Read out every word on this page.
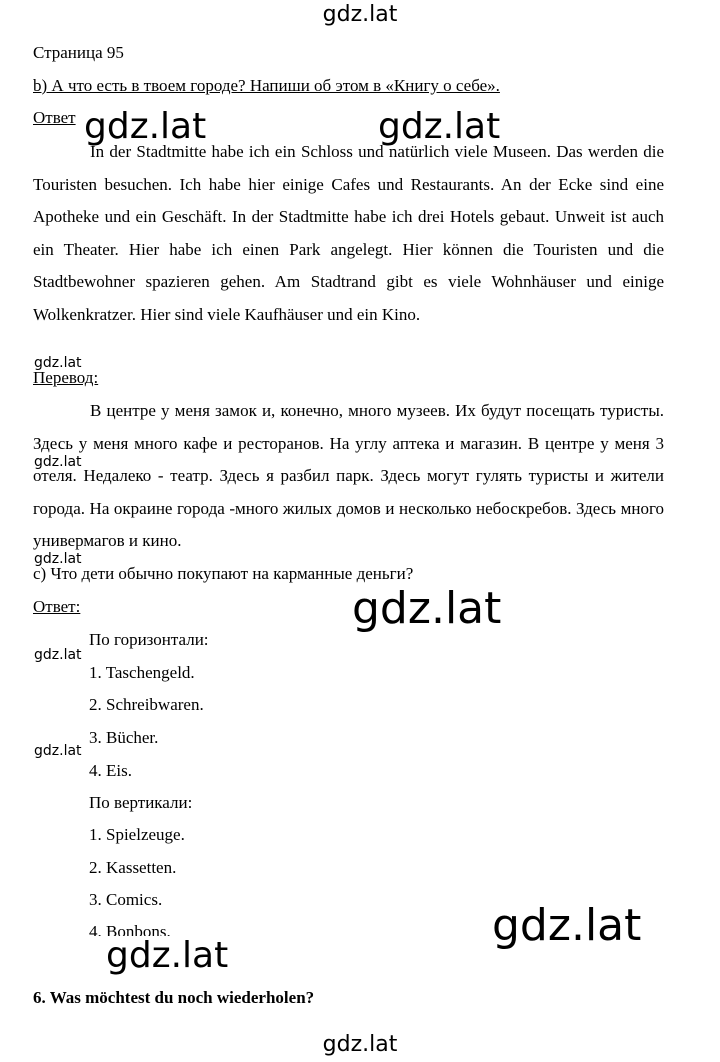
gdz.lat
Страница 95
b) А что есть в твоем городе? Напиши об этом в «Книгу о себе».
Ответ

In der Stadtmitte habe ich ein Schloss und natürlich viele Museen. Das werden die Touristen besuchen. Ich habe hier einige Cafes und Restaurants. An der Ecke sind eine Apotheke und ein Geschäft. In der Stadtmitte habe ich drei Hotels gebaut. Unweit ist auch ein Theater. Hier habe ich einen Park angelegt. Hier können die Touristen und die Stadtbewohner spazieren gehen. Am Stadtrand gibt es viele Wohnhäuser und einige Wolkenkratzer. Hier sind viele Kaufhäuser und ein Kino.

gdz.lat	gdz.lat
gdz.lat
Перевод:

В центре у меня замок и, конечно, много музеев. Их будут посещать туристы. Здесь у меня много кафе и ресторанов. На углу аптека и магазин. В центре у меня 3 отеля. Недалеко - театр. Здесь я разбил парк. Здесь могут гулять туристы и жители города. На окраине города -много жилых домов и несколько небоскребов. Здесь много универмагов и кино.

gdz.lat
gdz.lat
c) Что дети обычно покупают на карманные деньги?
gdz.lat
Ответ:
По горизонтали:
gdz.lat
1. Taschengeld.
2. Schreibwaren.
3. Bücher.
gdz.lat
4. Eis.
По вертикали:
1. Spielzeuge.
2. Kassetten.
3. Comics.
4. Bonbons.	gdz.lat
gdz.lat
6. Was möchtest du noch wiederholen?
gdz.lat
